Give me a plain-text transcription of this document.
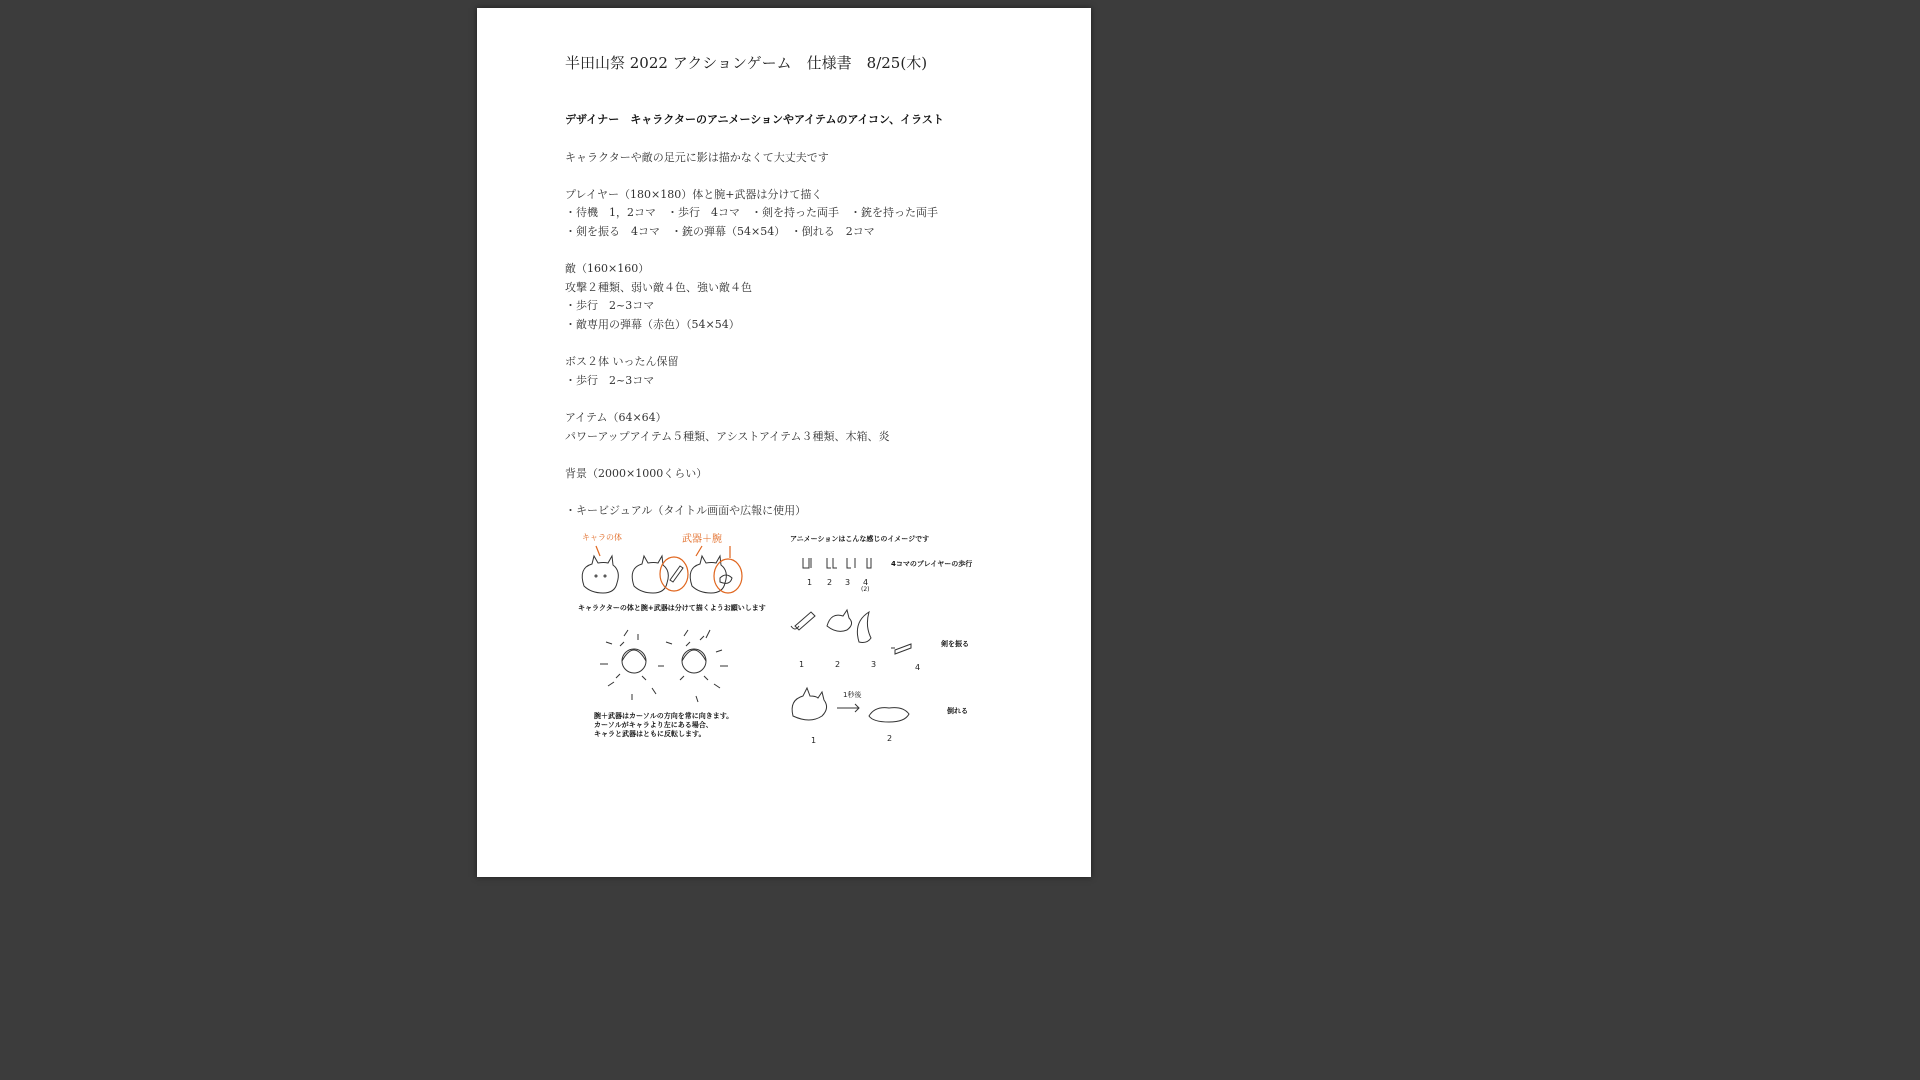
半田山祭 2022 アクションゲーム　仕様書　8/25(木)
デザイナー　キャラクターのアニメーションやアイテムのアイコン、イラスト
キャラクターや敵の足元に影は描かなくて大丈夫です
プレイヤー（180×180）体と腕+武器は分けて描く
・待機　1，2コマ　・歩行　4コマ　・剣を持った両手　・銃を持った両手
・剣を振る　4コマ　・銃の弾幕（54×54）　・倒れる　2コマ
敵（160×160）
攻撃２種類、弱い敵４色、強い敵４色
・歩行　2~3コマ
・敵専用の弾幕（赤色）（54×54）
ボス２体 いったん保留
・歩行　2~3コマ
アイテム（64×64）
パワーアップアイテム５種類、アシストアイテム３種類、木箱、炎
背景（2000×1000くらい）
・キービジュアル（タイトル画面や広報に使用）
キャラの体	武器＋腕
キャラクターの体と腕+武器は分けて描くようお願いします
腕＋武器はカーソルの方向を常に向きます。
カーソルがキャラより左にある場合、
キャラと武器はともに反転します。
アニメーションはこんな感じのイメージです
1 2 3 4
(2)
4コマのプレイヤーの歩行
1	2	3	4
剣を振る
1秒後
1	2
倒れる
